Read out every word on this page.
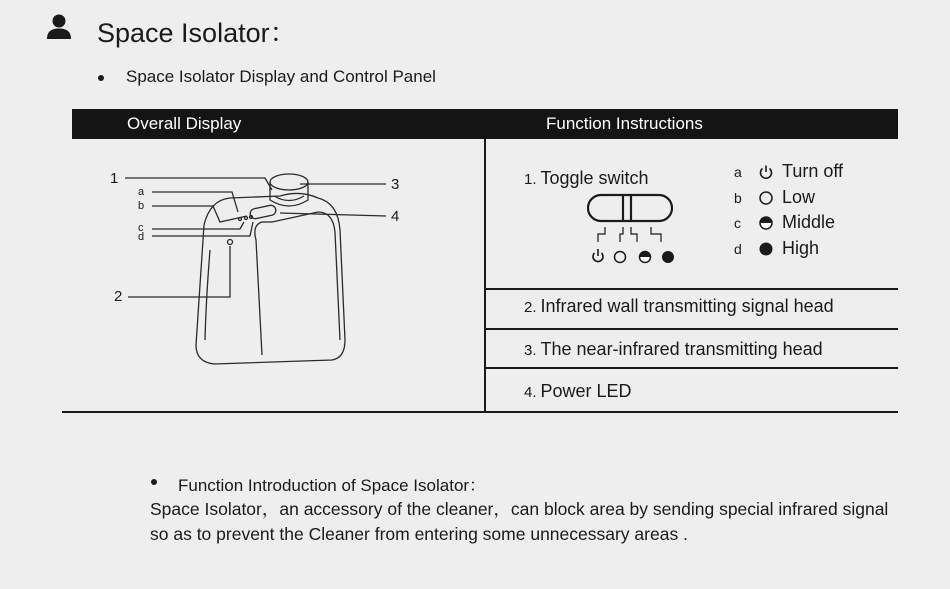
Space Isolator：
Space Isolator Display and Control Panel
Overall Display	Function Instructions
1
a
b
c
d
2
3
4
1. Toggle switch	a	Turn off
b	Low
c	Middle
d	High
2. Infrared wall transmitting signal head
3. The near-infrared transmitting head
4. Power LED
Function Introduction of Space Isolator：
Space Isolator，an accessory of the cleaner，can block area by sending special infrared signal so as to prevent the Cleaner from entering some unnecessary areas .
